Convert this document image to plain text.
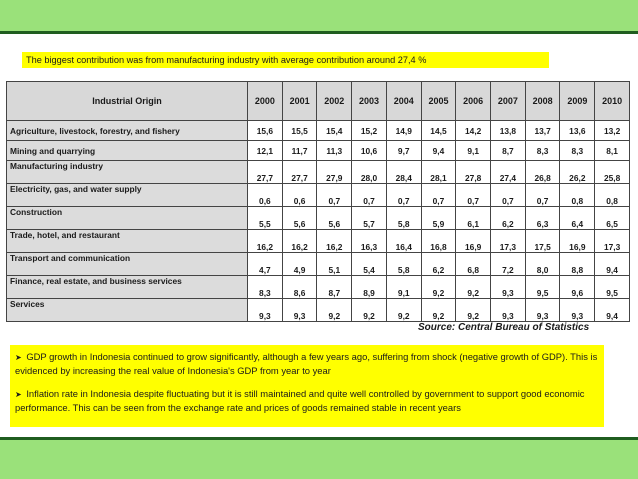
The biggest contribution was from manufacturing industry with average contribution around 27,4 %
Industrial Origin	2000	2001	2002	2003	2004	2005	2006	2007	2008	2009	2010
Agriculture, livestock, forestry, and fishery	15,6	15,5	15,4	15,2	14,9	14,5	14,2	13,8	13,7	13,6	13,2
Mining and quarrying	12,1	11,7	11,3	10,6	9,7	9,4	9,1	8,7	8,3	8,3	8,1
Manufacturing industry	27,7	27,7	27,9	28,0	28,4	28,1	27,8	27,4	26,8	26,2	25,8
Electricity, gas, and water supply	0,6	0,6	0,7	0,7	0,7	0,7	0,7	0,7	0,7	0,8	0,8
Construction	5,5	5,6	5,6	5,7	5,8	5,9	6,1	6,2	6,3	6,4	6,5
Trade, hotel, and restaurant	16,2	16,2	16,2	16,3	16,4	16,8	16,9	17,3	17,5	16,9	17,3
Transport and communication	4,7	4,9	5,1	5,4	5,8	6,2	6,8	7,2	8,0	8,8	9,4
Finance, real estate, and business services	8,3	8,6	8,7	8,9	9,1	9,2	9,2	9,3	9,5	9,6	9,5
Services	9,3	9,3	9,2	9,2	9,2	9,2	9,2	9,3	9,3	9,3	9,4
Source: Central Bureau of Statistics

➤ GDP growth in Indonesia continued to grow significantly, although a few years ago, suffering from shock (negative growth of GDP). This is evidenced by increasing the real value of Indonesia's GDP from year to year

➤ Inflation rate in Indonesia despite fluctuating but it is still maintained and quite well controlled by government to support good economic performance. This can be seen from the exchange rate and prices of goods remained stable in recent years
